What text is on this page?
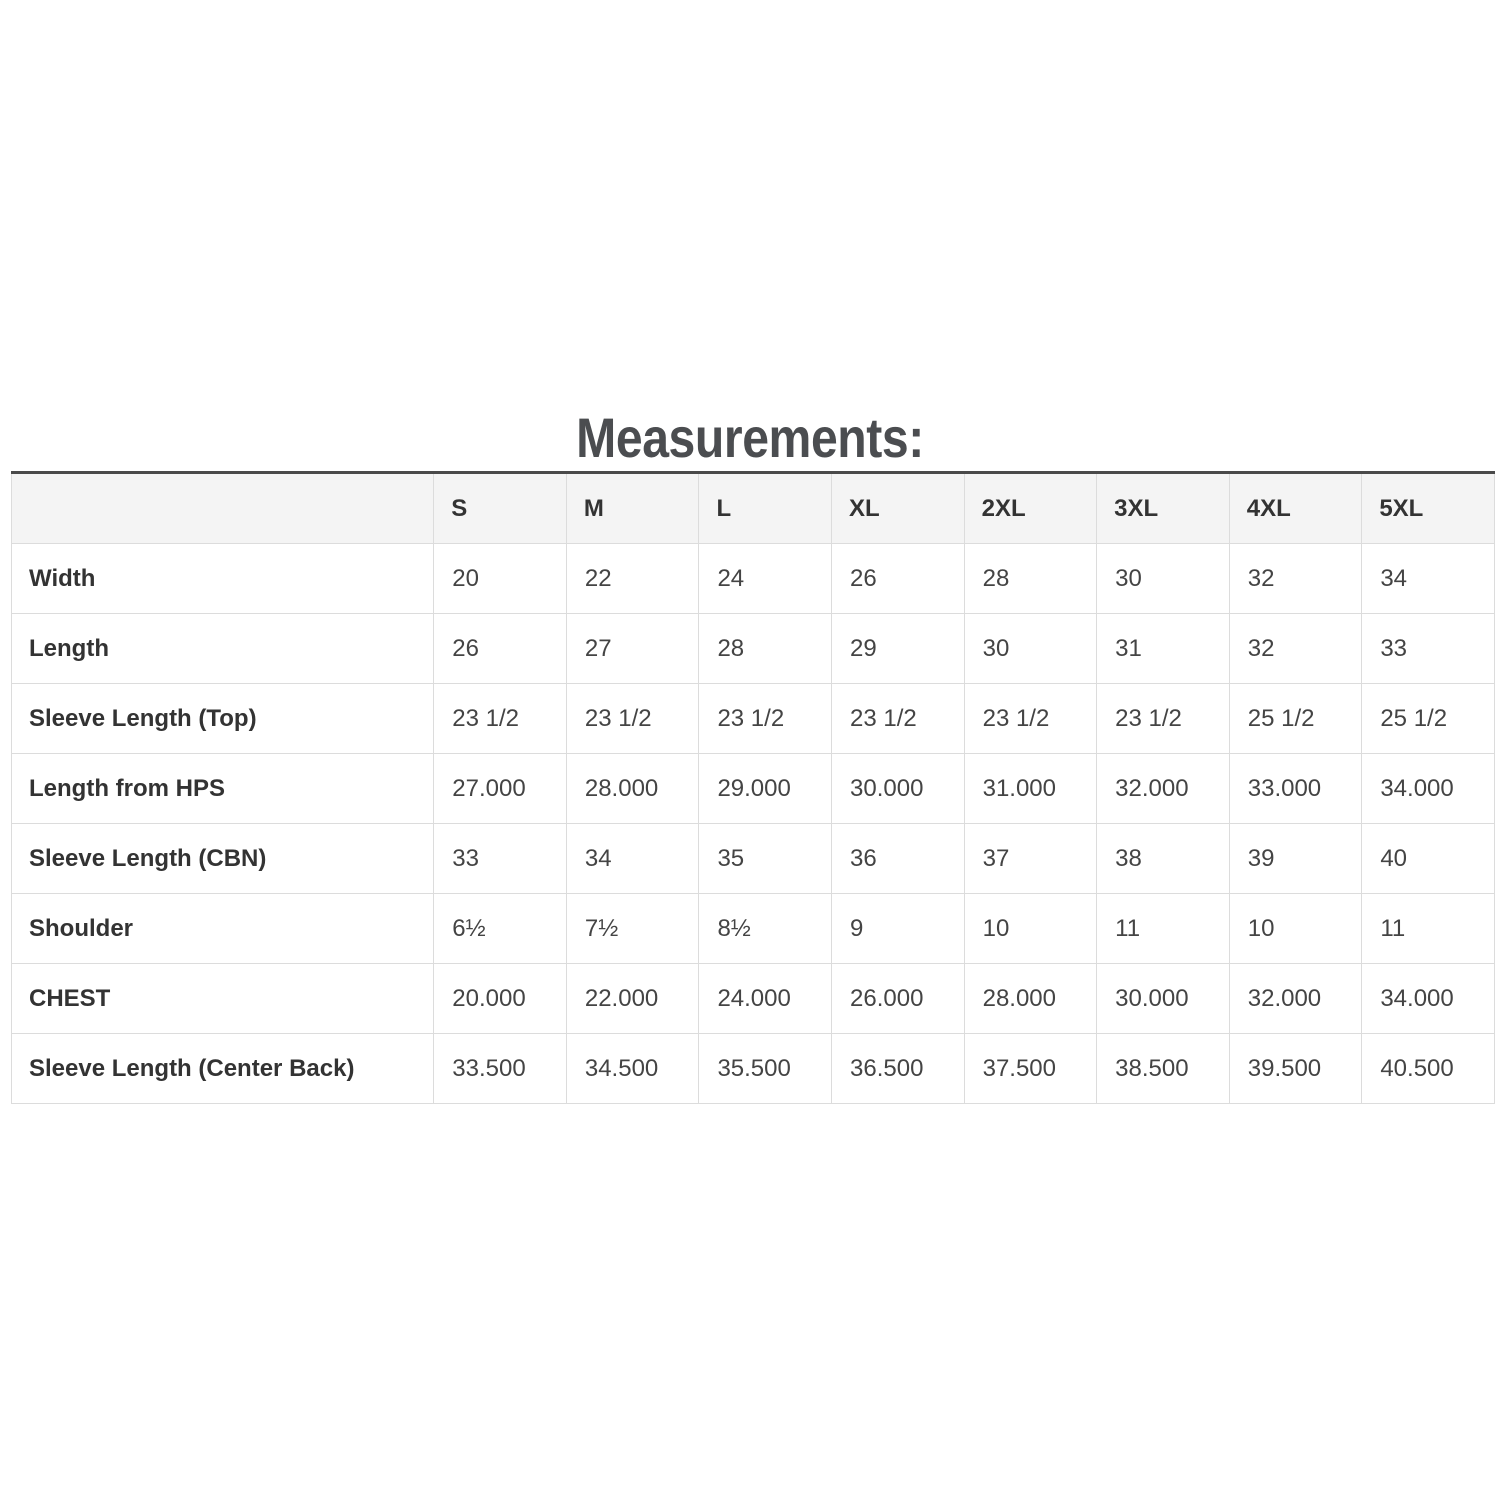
Measurements:
	S	M	L	XL	2XL	3XL	4XL	5XL
Width	20	22	24	26	28	30	32	34
Length	26	27	28	29	30	31	32	33
Sleeve Length (Top)	23 1/2	23 1/2	23 1/2	23 1/2	23 1/2	23 1/2	25 1/2	25 1/2
Length from HPS	27.000	28.000	29.000	30.000	31.000	32.000	33.000	34.000
Sleeve Length (CBN)	33	34	35	36	37	38	39	40
Shoulder	6½	7½	8½	9	10	11	10	11
CHEST	20.000	22.000	24.000	26.000	28.000	30.000	32.000	34.000
Sleeve Length (Center Back)	33.500	34.500	35.500	36.500	37.500	38.500	39.500	40.500
